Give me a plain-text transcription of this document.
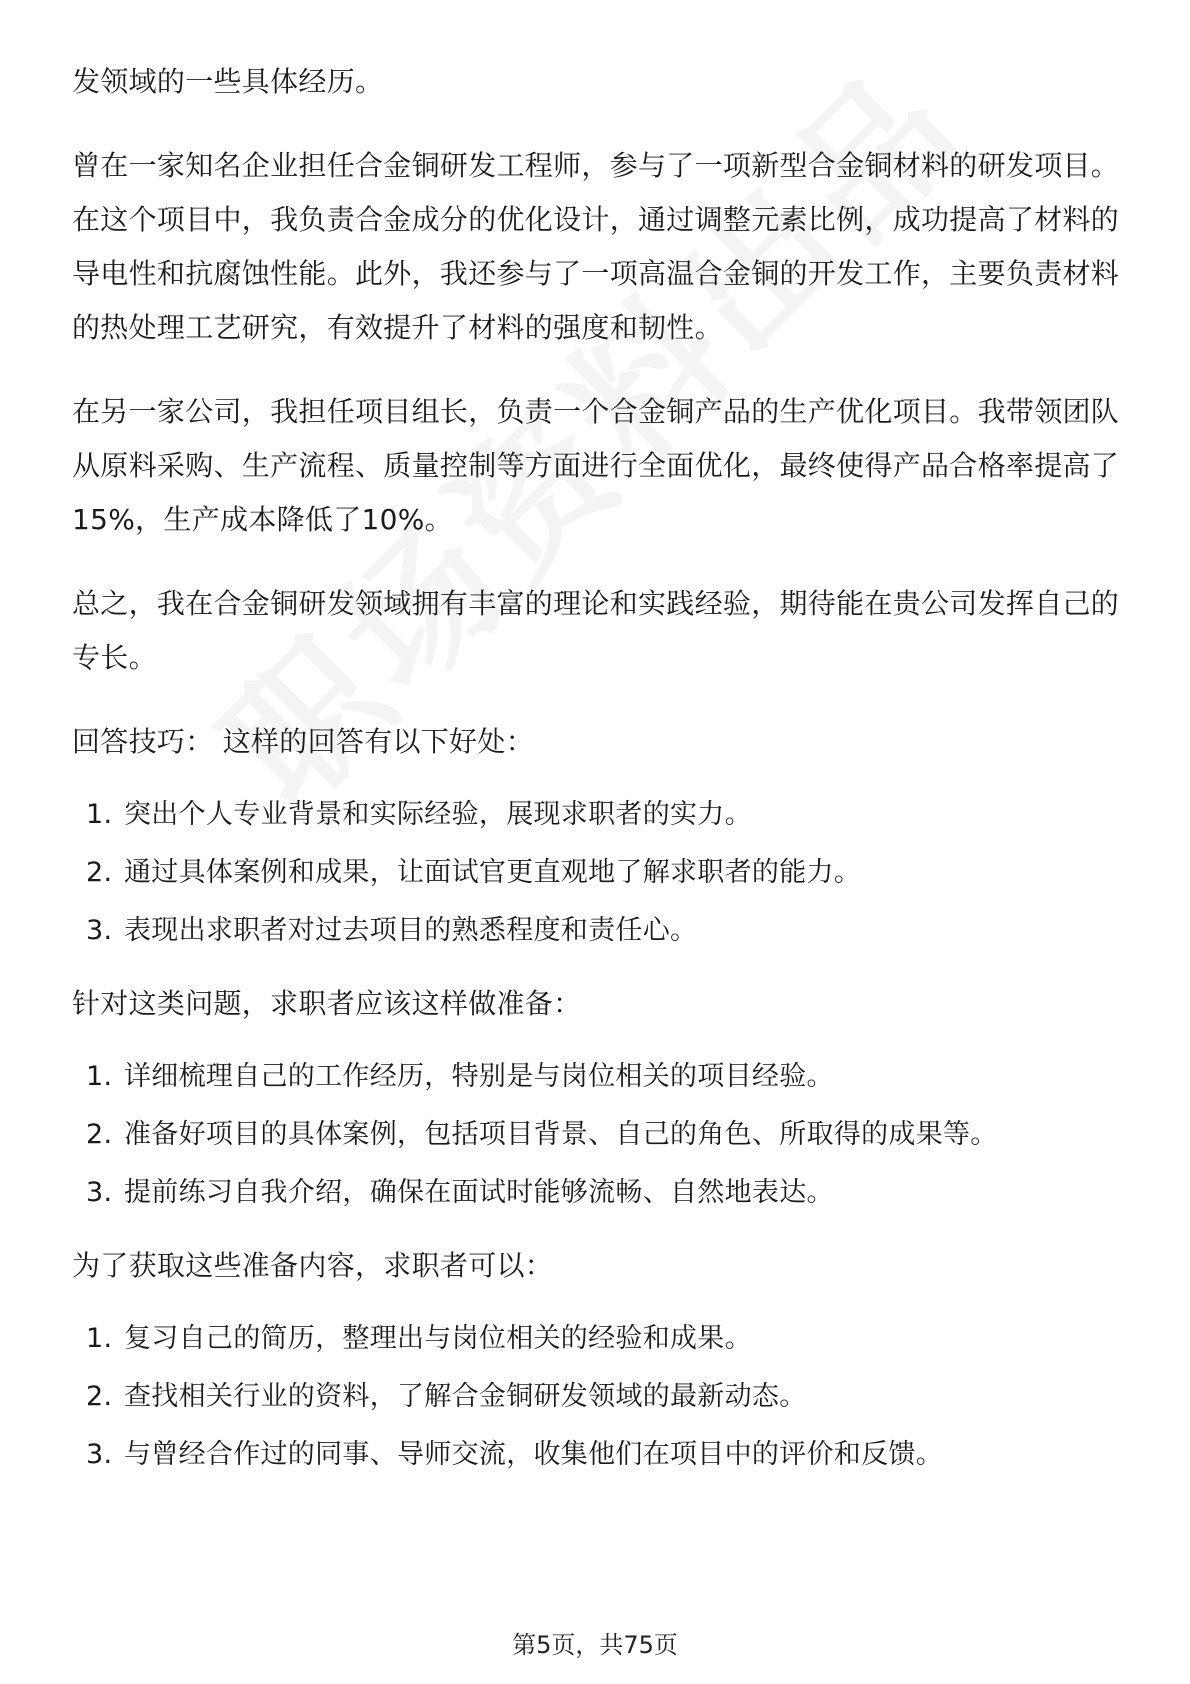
发领域的一些具体经历。

曾在一家知名企业担任合金铜研发工程师，参与了一项新型合金铜材料的研发项目。在这个项目中，我负责合金成分的优化设计，通过调整元素比例，成功提高了材料的导电性和抗腐蚀性能。此外，我还参与了一项高温合金铜的开发工作，主要负责材料的热处理工艺研究，有效提升了材料的强度和韧性。

在另一家公司，我担任项目组长，负责一个合金铜产品的生产优化项目。我带领团队从原料采购、生产流程、质量控制等方面进行全面优化，最终使得产品合格率提高了15%，生产成本降低了10%。

总之，我在合金铜研发领域拥有丰富的理论和实践经验，期待能在贵公司发挥自己的专长。

回答技巧： 这样的回答有以下好处：

1. 突出个人专业背景和实际经验，展现求职者的实力。
2. 通过具体案例和成果，让面试官更直观地了解求职者的能力。
3. 表现出求职者对过去项目的熟悉程度和责任心。

针对这类问题，求职者应该这样做准备：

1. 详细梳理自己的工作经历，特别是与岗位相关的项目经验。
2. 准备好项目的具体案例，包括项目背景、自己的角色、所取得的成果等。
3. 提前练习自我介绍，确保在面试时能够流畅、自然地表达。

为了获取这些准备内容，求职者可以：

1. 复习自己的简历，整理出与岗位相关的经验和成果。
2. 查找相关行业的资料，了解合金铜研发领域的最新动态。
3. 与曾经合作过的同事、导师交流，收集他们在项目中的评价和反馈。
第5页，共75页
